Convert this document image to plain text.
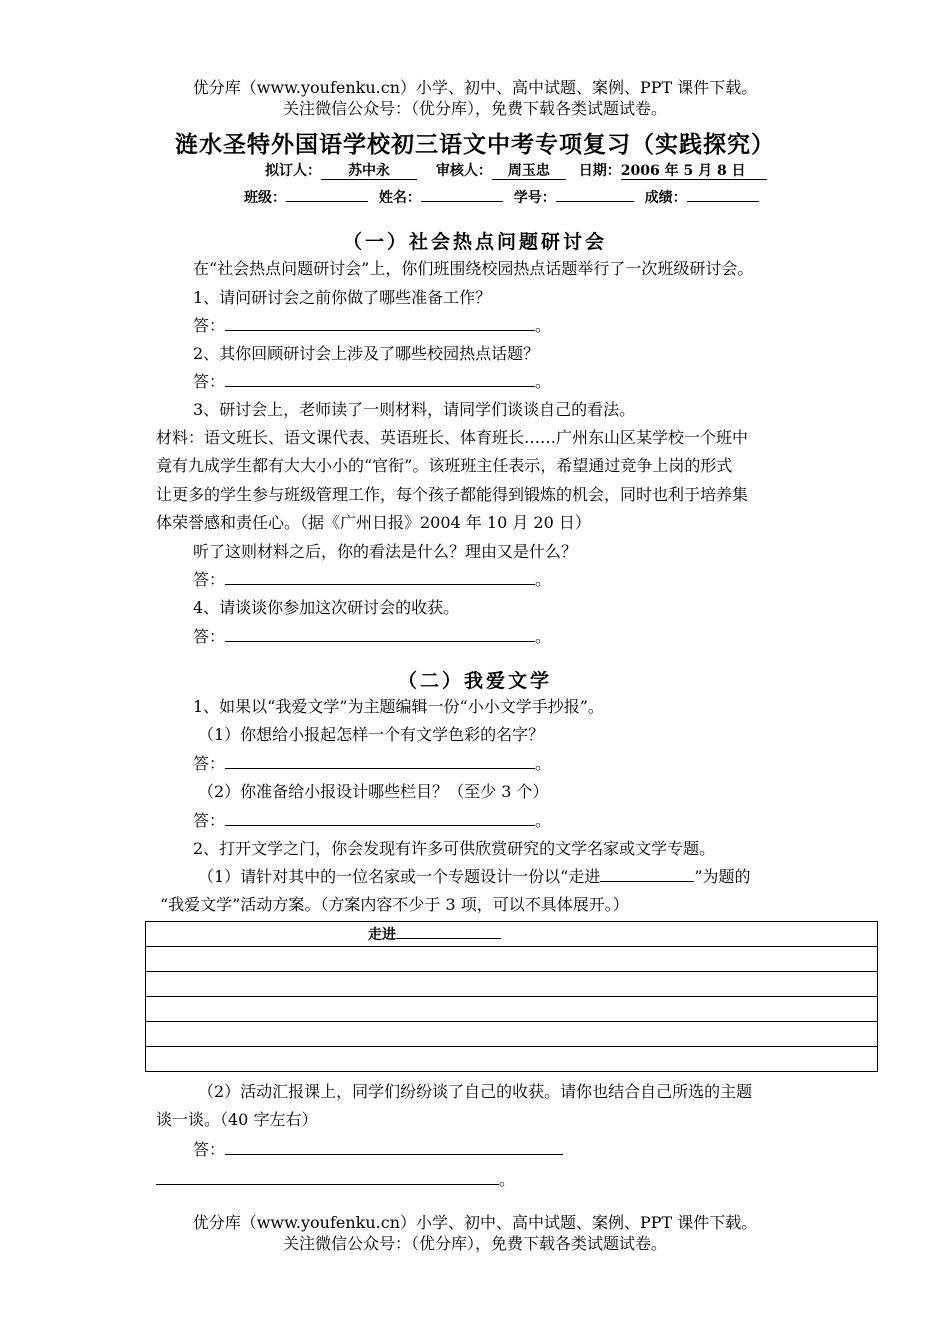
优分库（www.youfenku.cn）小学、初中、高中试题、案例、PPT 课件下载。
关注微信公众号：（优分库），免费下载各类试题试卷。
涟水圣特外国语学校初三语文中考专项复习（实践探究）
拟订人： 苏中永	审核人： 周玉忠 日期：2006 年 5 月 8 日
班级：	姓名：	学号：	成绩：
（一）社会热点问题研讨会
在“社会热点问题研讨会”上，你们班围绕校园热点话题举行了一次班级研讨会。
1、请问研讨会之前你做了哪些准备工作？
答：	。
2、其你回顾研讨会上涉及了哪些校园热点话题？
答：	。
3、研讨会上，老师读了一则材料，请同学们谈谈自己的看法。
材料：语文班长、语文课代表、英语班长、体育班长……广州东山区某学校一个班中
竟有九成学生都有大大小小的“官衔”。该班班主任表示，希望通过竞争上岗的形式
让更多的学生参与班级管理工作，每个孩子都能得到锻炼的机会，同时也利于培养集
体荣誉感和责任心。（据《广州日报》2004 年 10 月 20 日）
听了这则材料之后，你的看法是什么？理由又是什么？
答：	。
4、请谈谈你参加这次研讨会的收获。
答：	。
（二）我爱文学
1、如果以“我爱文学”为主题编辑一份“小小文学手抄报”。
（1）你想给小报起怎样一个有文学色彩的名字？
答：	。
（2）你准备给小报设计哪些栏目？（至少 3 个）
答：	。
2、打开文学之门，你会发现有许多可供欣赏研究的文学名家或文学专题。
（1）请针对其中的一位名家或一个专题设计一份以“走进	”为题的
“我爱文学”活动方案。（方案内容不少于 3 项，可以不具体展开。）
走进

（2）活动汇报课上，同学们纷纷谈了自己的收获。请你也结合自己所选的主题
谈一谈。（40 字左右）
答：
。
优分库（www.youfenku.cn）小学、初中、高中试题、案例、PPT 课件下载。
关注微信公众号：（优分库），免费下载各类试题试卷。
